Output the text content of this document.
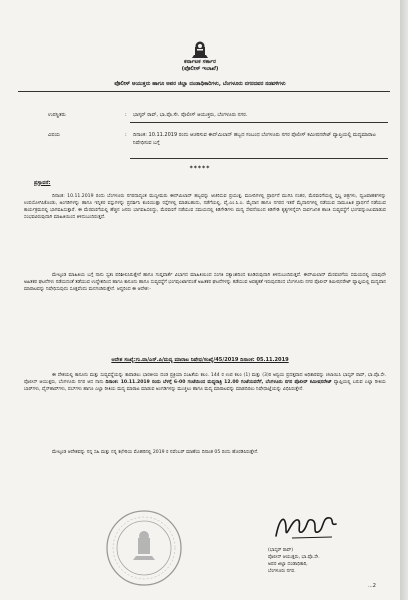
ಕರ್ನಾಟಕ ಸರ್ಕಾರ
(ಪೊಲೀಸ್ ಇಲಾಖೆ)
ಪೊಲೀಸ್ ಆಯುಕ್ತರು ಹಾಗೂ ಅಪರ ಜಿಲ್ಲಾ ದಂಡಾಧಿಕಾರಿಗಳು, ಬೆಂಗಳೂರು ನಗರದವರ ನಡವಳಿಗಳು
ಉಪಸ್ಥಿತರು	: ಭಾಸ್ಕರ್ ರಾವ್, ಭಾ.ಪೊ.ಸೇ. ಪೊಲೀಸ್ ಆಯುಕ್ತರು, ಬೆಂಗಳೂರು ನಗರ.
ವಿಷಯ	: ದಿನಾಂಕ: 10.11.2019 ರಂದು ಆಚರಿಸುವ ಈದ್‌ಮಿಲಾದ್ ಹಬ್ಬದ ಸಂಬಂಧ ಬೆಂಗಳೂರು ನಗರ ಪೊಲೀಸ್ ಕಮೀಷನರೇಟ್ ವ್ಯಾಪ್ತಿಯಲ್ಲಿ ಮದ್ಯಮಾರಾಟ ನಿಷೇಧಿಸುವ ಬಗ್ಗೆ
*****
ಪ್ರಸ್ತಾವನೆ:
ದಿನಾಂಕ: 10.11.2019 ರಂದು ಬೆಂಗಳೂರು ನಗರದಾದ್ಯಂತ ಮುಸ್ಲೀಮರು ಈದ್‌ಮಿಲಾದ್ ಹಬ್ಬವನ್ನು ಆಚರಿಸುವ ಪ್ರಯುಕ್ತ, ಮಸೀದಿಗಳಲ್ಲಿ ಪ್ರಾರ್ಥನೆ ಮುಗಿಸಿ ನಂತರ, ಮೆರವಣಿಗೆಯಲ್ಲಿ ಸ್ತಬ್ಧ ಚಿತ್ರಗಳು, ಧ್ವಜವಾಹಕಗಳನ್ನು ಉಪಯೋಗಿಸಿಕೊಂಡು, ಅಂಗಡಿಗಳನ್ನು ಹಾಗೂ ಇನ್ನಿತರ ವಸ್ತುಗಳನ್ನು ಪ್ರದರ್ಶಿಸಿ ಕುಣಿಯುತ್ತಾ ರಸ್ತೆಗಳಲ್ಲಿ ಮಾಡಬಹುದು, ನಡೆಗೆಯಲ್ಲಿ, ವೈ.ಎಂ.ಸಿ.ಎ. ಮೈದಾನ ಹಾಗೂ ನಗರದ ಇತರೆ ಮೈದಾನಗಳಲ್ಲಿ ನಡೆಯುವ ಸಾಮೂಹಿಕ ಪ್ರಾರ್ಥನೆ ನಡೆಯುವ ಕಾರ್ಯಕ್ರಮದಲ್ಲಿ ಭಾಗವಹಿಸುತ್ತಾರೆ. ಈ ಮೆರವಣಿಗೆಯಲ್ಲಿ ಹೆಚ್ಚಿನ ಜನರು ಭಾಗವಹಿಸಲಿದ್ದು, ಮೆರವಣಿಗೆ ನಡೆಯುವ ಸಮಯದಲ್ಲಿ ಕಿಡಿಗೇಡಿಗಳು ಮದ್ಯ ಸೇವನೆಯಿಂದ ಕಿಡಿಗೇಡಿ ಕೃತ್ಯಗಳನ್ನೆಸಗಿ ಸಾರ್ವಜನಿಕ ಶಾಂತಿ ಸುವ್ಯವಸ್ಥೆಗೆ ಭಂಗವನ್ನುಂಟುಮಾಡುವ ಸಂಭವವಿರುವುದಾಗಿ ಮಾಹಿತಿಯಿಂದ ತಿಳಿದುಬಂದಿರುತ್ತದೆ.
ಮೇಲ್ಕಂಡ ಮಾಹಿತಿಯ ಬಗ್ಗೆ ನಾನು ಸ್ವತಃ ಪರಿಶೀಲಿಸಿರುತ್ತೇನೆ ಹಾಗೂ ಗುಪ್ತವಾರ್ತೆ ವಿಭಾಗದ ಮಾಹಿತಿಯಿಂದ ಸಂಗತಿ ಸತ್ಯಾಂಶದಿಂದ ಕೂಡಿರುವುದಾಗಿ ತಿಳಿದುಬಂದಿರುತ್ತದೆ. ಈದ್‌ಮಿಲಾದ್ ಮೆರವಣಿಗೆಯ ಸಮಯದಲ್ಲಿ ಯಾವುದೇ ಅಹಿತಕರ ಘಟನೆಗಳು ನಡೆಯದಂತೆ ತಡೆಯುವ ಉದ್ದೇಶದಿಂದ ಹಾಗೂ ಕಾನೂನು ಹಾಗೂ ಸುವ್ಯವಸ್ಥೆಗೆ ಭಂಗವುಂಟಾಗದಂತೆ ಅಹಿತಕರ ಘಟನೆಗಳನ್ನು ತಡೆಯುವ ಅವಶ್ಯಕತೆ ಇರುವುದರಿಂದ ಬೆಂಗಳೂರು ನಗರ ಪೊಲೀಸ್ ಕಮೀಷನರೇಟ್ ವ್ಯಾಪ್ತಿಯಲ್ಲಿ ಮದ್ಯಪಾನ ಮಾರಾಟವನ್ನು ನಿಷೇಧಿಸುವುದು ಸೂಕ್ತವೆಂದು ಮನಗಂಡಿರುತ್ತೇನೆ. ಆದ್ದರಿಂದ ಈ ಆದೇಶ:-
ಆದೇಶ ಸಂಖ್ಯೆ:ಗು.ವಾ/ಎನ್.ಪಿ/ಮದ್ಯ ಮಾರಾಟ ನಿಷೇಧ/ಸಂಖ್ಯೆ/45/2019 ದಿನಾಂಕ: 05.11.2019
ಈ ದೇಶಯಲ್ಲಿ ಕಾನೂನು ಮತ್ತು ಸುವ್ಯವಸ್ಥೆಯನ್ನು ಕಾಪಾಡಲು ಭಾರತೀಯ ದಂಡ ಪ್ರಕ್ರಿಯಾ ಸಂಹಿತೆಯ ಕಲಂ. 144 ರ ಉಪ ಕಲಂ (1) ಮತ್ತು (3)ರ ಅನ್ವಯ ಪ್ರದತ್ತವಾದ ಅಧಿಕಾರವನ್ನು ಚಲಾಯಿಸಿ ಭಾಸ್ಕರ್ ರಾವ್, ಭಾ.ಪೊ.ಸೇ. ಪೊಲೀಸ್ ಆಯುಕ್ತರು, ಬೆಂಗಳೂರು ನಗರ ಆದ ನಾನು ದಿನಾಂಕ: 10.11.2019 ರಂದು ಬೆಳಗ್ಗೆ 6-00 ಗಂಟೆಯಿಂದ ಮಧ್ಯರಾತ್ರಿ 12.00 ಗಂಟೆಯವರೆಗೆ, ಬೆಂಗಳೂರು ನಗರ ಪೊಲೀಸ್ ಕಮೀಷನರೇಟ್ ವ್ಯಾಪ್ತಿಯಲ್ಲಿ ಬರುವ ಎಲ್ಲಾ ರೀತಿಯ ಬಾರ್‌ಗಳು, ವೈನ್‌ಶಾಪ್‌ಗಳು, ಪಬ್‌ಗಳು ಹಾಗೂ ಎಲ್ಲಾ ರೀತಿಯ ಮದ್ಯ ಮಾರಾಟ ಮಾಡುವ ಅಂಗಡಿಗಳನ್ನು ಮುಚ್ಚಲು ಹಾಗೂ ಮದ್ಯ ಮಾರಾಟವನ್ನು ಮಾಡದಿರಲು ನಿಷೇಧಾಜ್ಞೆಯನ್ನು ವಿಧಿಸಿರುತ್ತೇನೆ.
ಮೇಲ್ಕಂಡ ಆದೇಶವನ್ನು ನನ್ನ ಸಹಿ ಮತ್ತು ನನ್ನ ಕಛೇರಿಯ ಮೊಹರಿನಲ್ಲಿ 2019 ರ ನವೆಂಬರ್ ಮಾಹೆಯ ದಿನಾಂಕ 05 ರಂದು ಹೊರಡಿಸಿರುತ್ತೇನೆ.
(ಭಾಸ್ಕರ್ ರಾವ್)
ಪೊಲೀಸ್ ಆಯುಕ್ತರು, ಭಾ.ಪೊ.ಸೇ.
ಅಪರ ಜಿಲ್ಲಾ ದಂಡಾಧಿಕಾರಿ,
ಬೆಂಗಳೂರು ನಗರ.
...2
